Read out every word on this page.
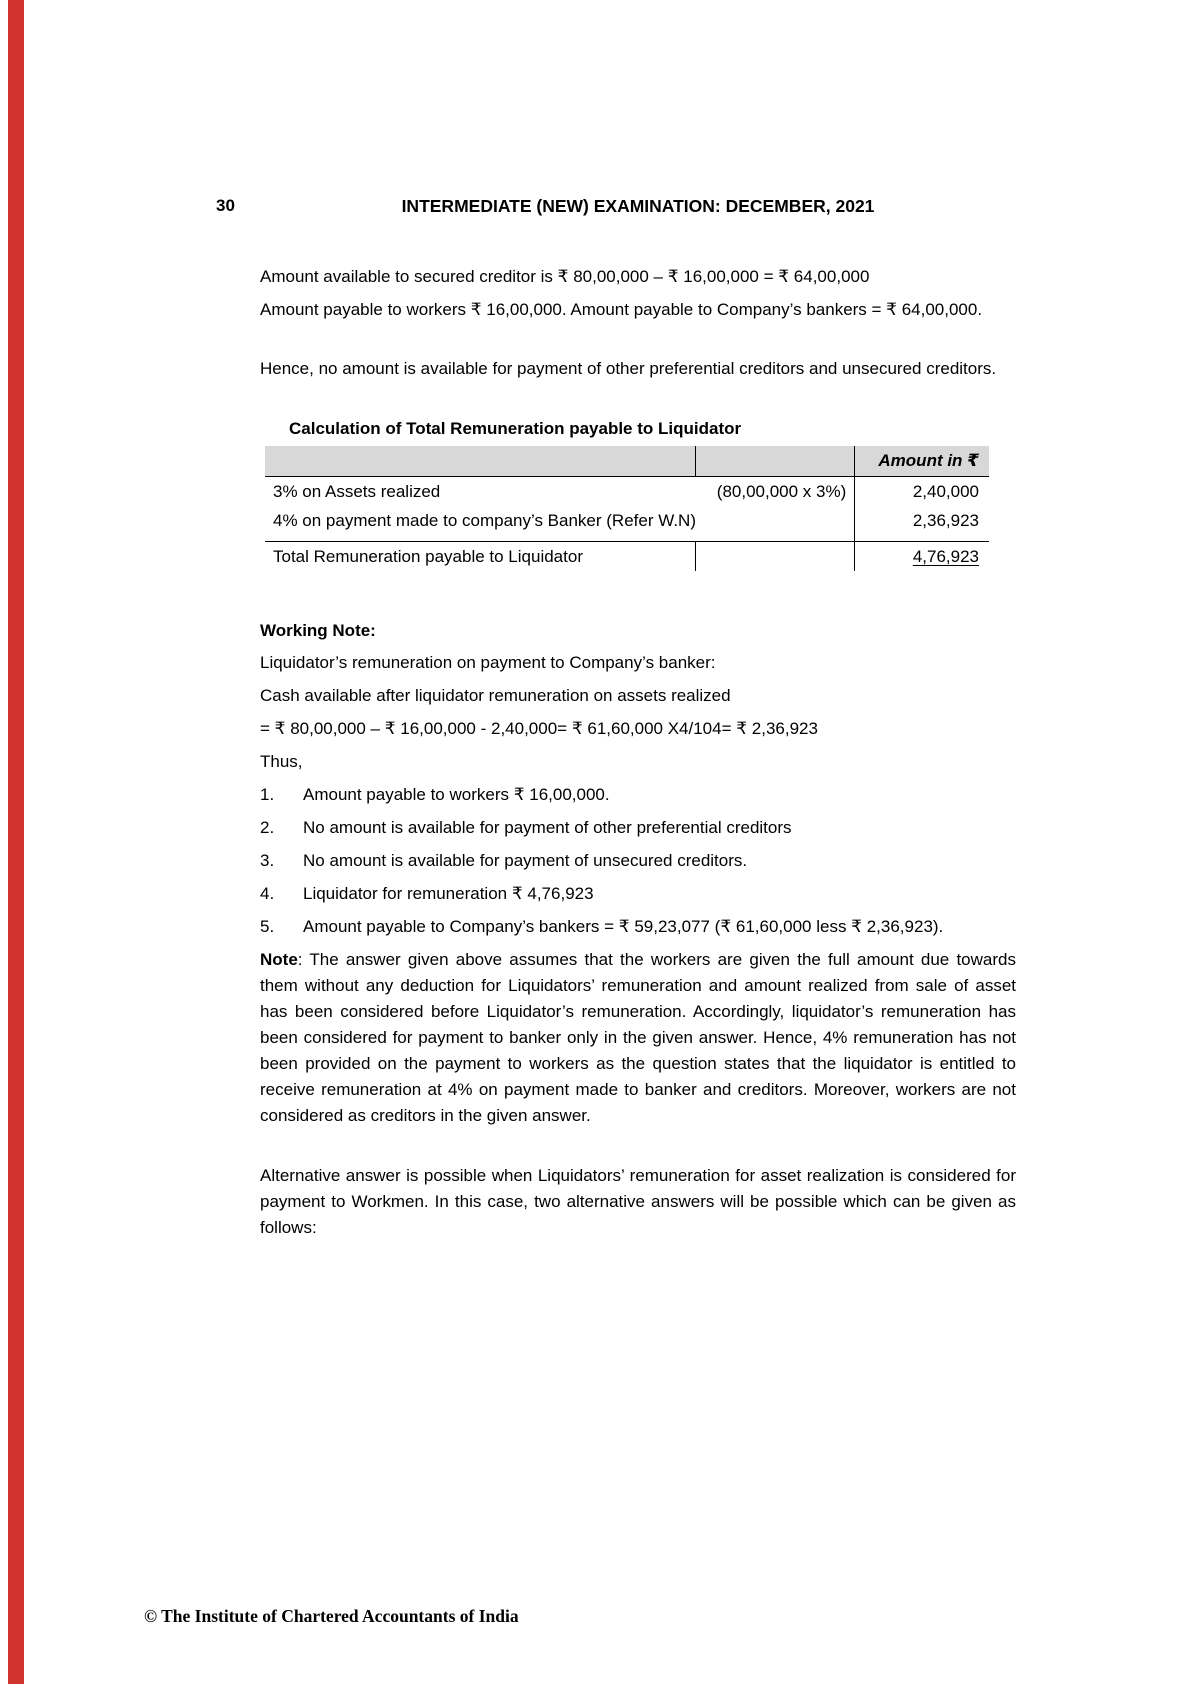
30	INTERMEDIATE (NEW) EXAMINATION: DECEMBER, 2021
Amount available to secured creditor is ₹ 80,00,000 – ₹ 16,00,000 = ₹ 64,00,000
Amount payable to workers ₹ 16,00,000. Amount payable to Company’s bankers = ₹ 64,00,000.
Hence, no amount is available for payment of other preferential creditors and unsecured creditors.
Calculation of Total Remuneration payable to Liquidator
		Amount in ₹
3% on Assets realized	(80,00,000 x 3%)	2,40,000
4% on payment made to company’s Banker (Refer W.N)		2,36,923
Total Remuneration payable to Liquidator		4,76,923
Working Note:
Liquidator’s remuneration on payment to Company’s banker:
Cash available after liquidator remuneration on assets realized
= ₹ 80,00,000 – ₹ 16,00,000 - 2,40,000= ₹ 61,60,000 X4/104= ₹ 2,36,923
Thus,
1. Amount payable to workers ₹ 16,00,000.
2. No amount is available for payment of other preferential creditors
3. No amount is available for payment of unsecured creditors.
4. Liquidator for remuneration ₹ 4,76,923
5. Amount payable to Company’s bankers = ₹ 59,23,077 (₹ 61,60,000 less ₹ 2,36,923).
Note: The answer given above assumes that the workers are given the full amount due towards them without any deduction for Liquidators’ remuneration and amount realized from sale of asset has been considered before Liquidator’s remuneration. Accordingly, liquidator’s remuneration has been considered for payment to banker only in the given answer. Hence, 4% remuneration has not been provided on the payment to workers as the question states that the liquidator is entitled to receive remuneration at 4% on payment made to banker and creditors. Moreover, workers are not considered as creditors in the given answer.
Alternative answer is possible when Liquidators’ remuneration for asset realization is considered for payment to Workmen. In this case, two alternative answers will be possible which can be given as follows:
© The Institute of Chartered Accountants of India
